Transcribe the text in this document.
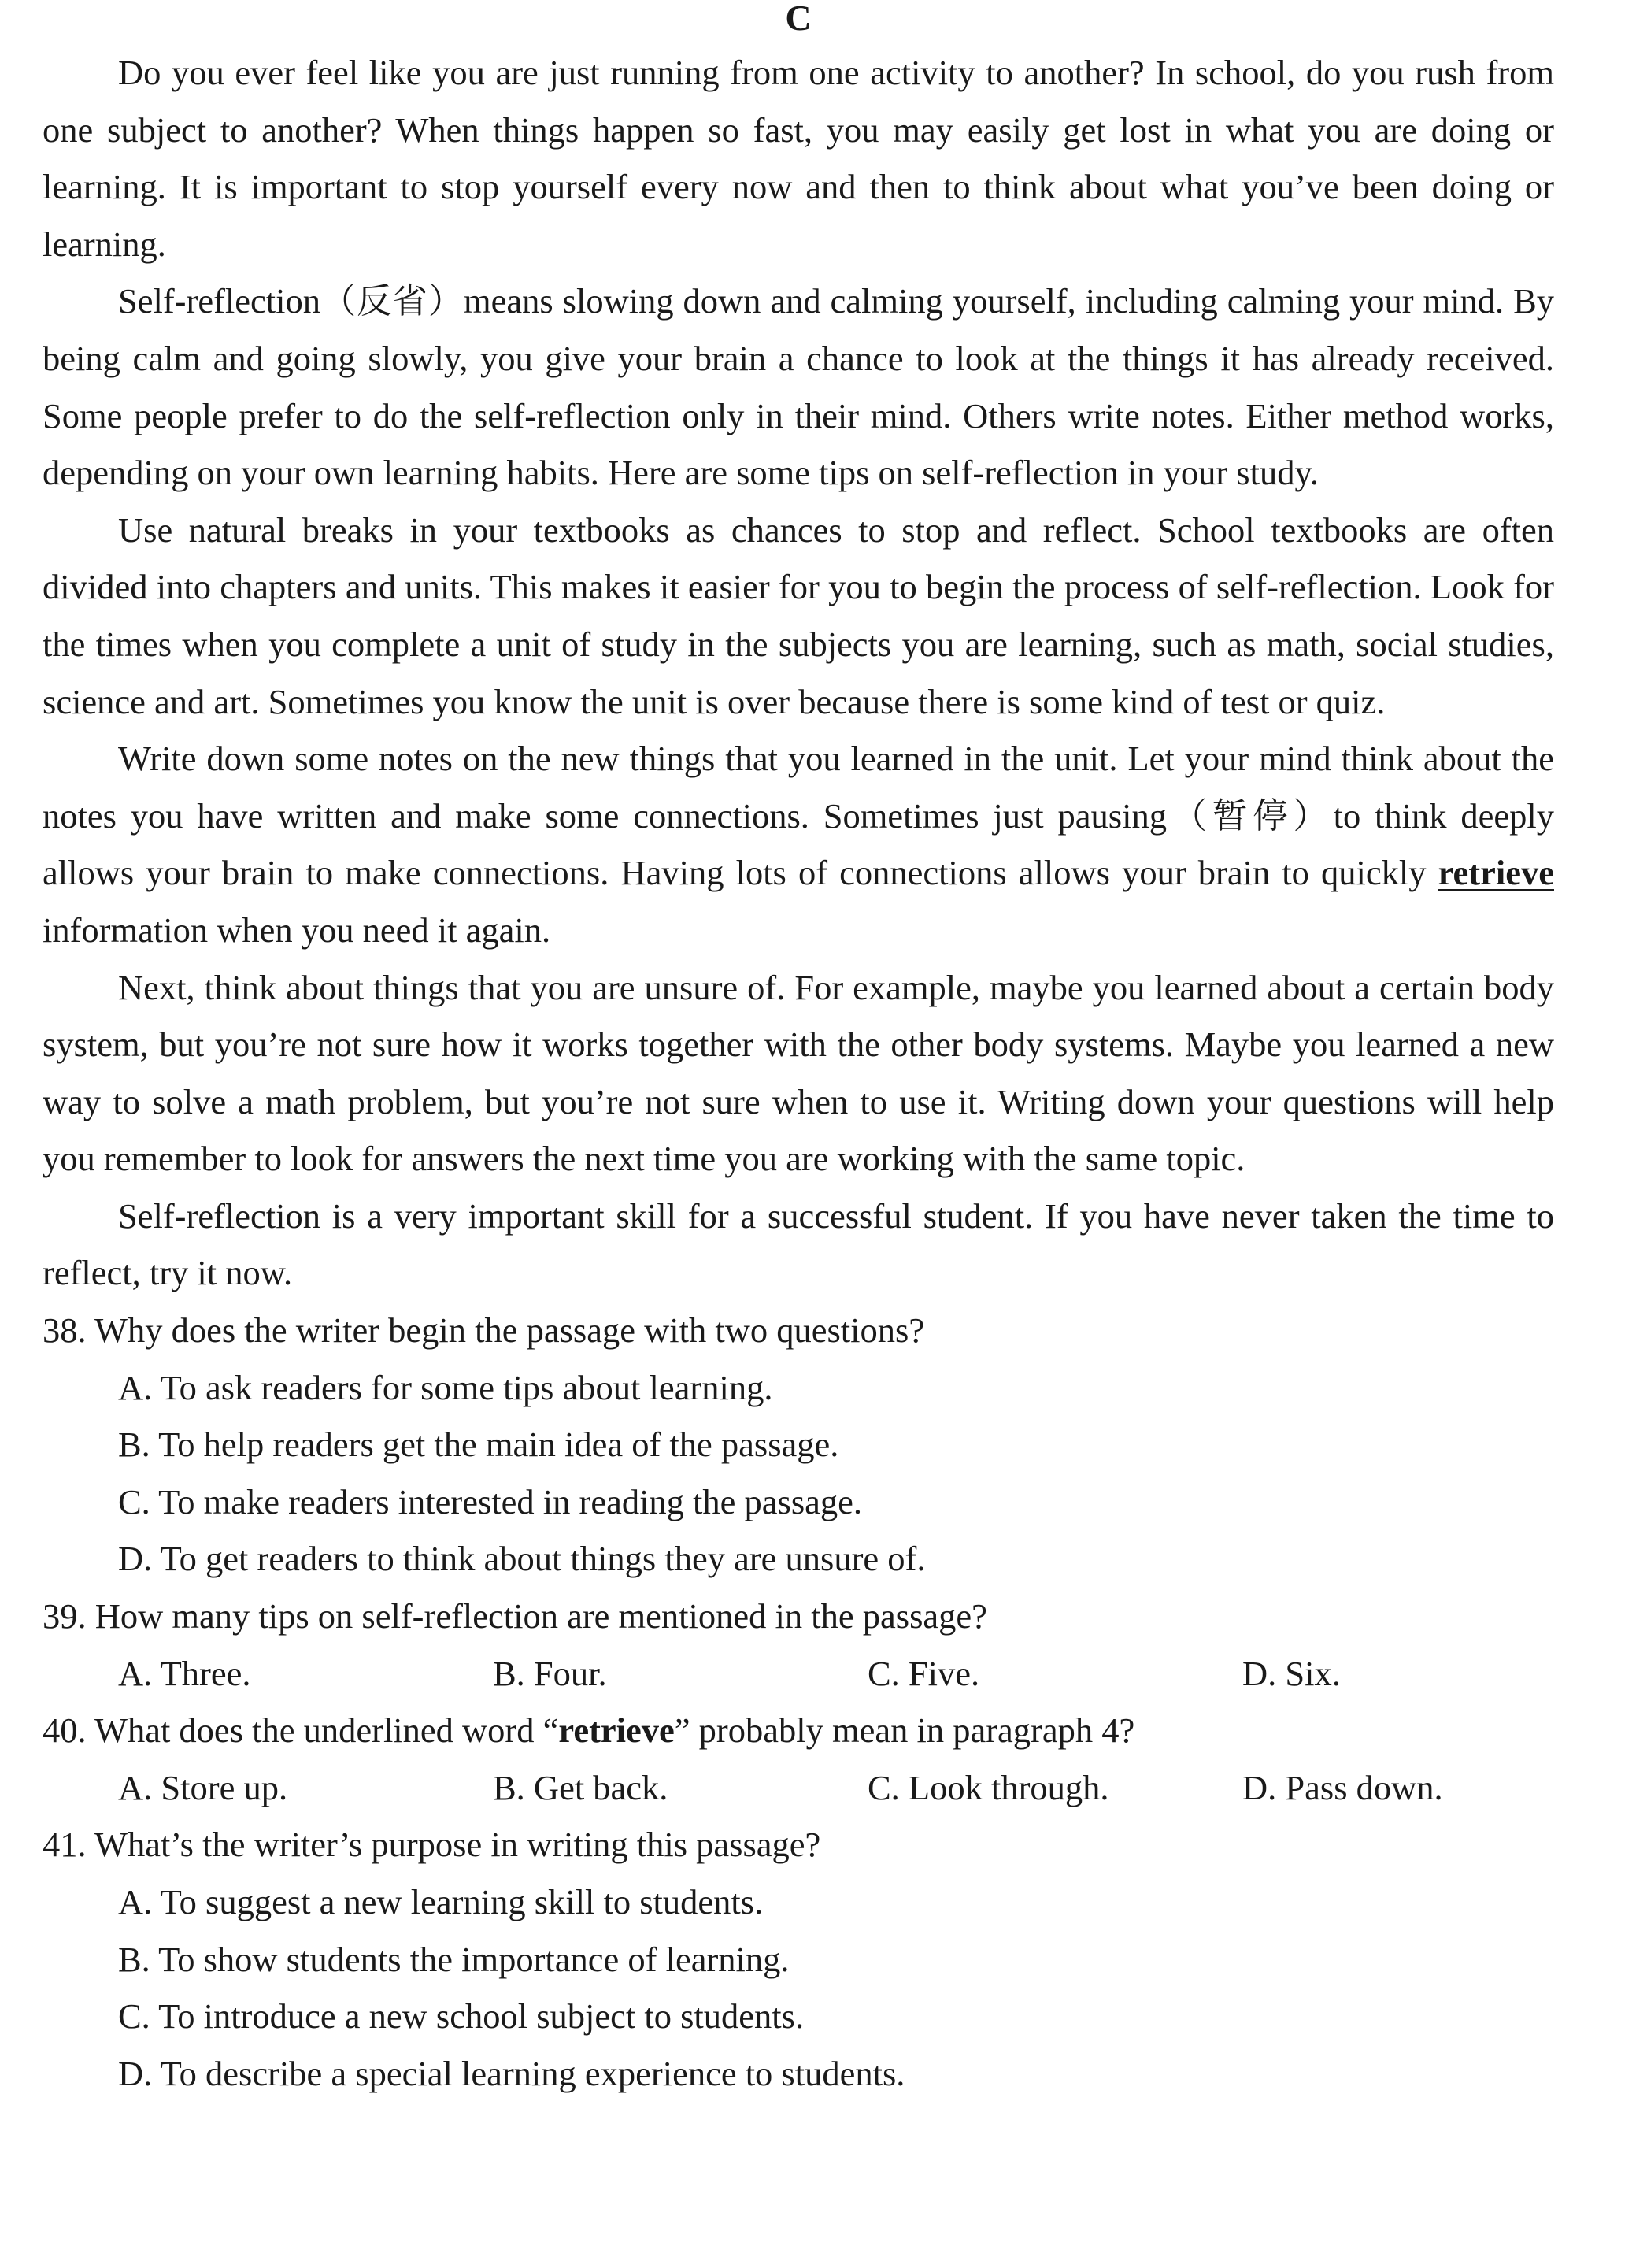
C

Do you ever feel like you are just running from one activity to another? In school, do you rush from one subject to another? When things happen so fast, you may easily get lost in what you are doing or learning. It is important to stop yourself every now and then to think about what you’ve been doing or learning.

Self-reflection（反省）means slowing down and calming yourself, including calming your mind. By being calm and going slowly, you give your brain a chance to look at the things it has already received. Some people prefer to do the self-reflection only in their mind. Others write notes. Either method works, depending on your own learning habits. Here are some tips on self-reflection in your study.

Use natural breaks in your textbooks as chances to stop and reflect. School textbooks are often divided into chapters and units. This makes it easier for you to begin the process of self-reflection. Look for the times when you complete a unit of study in the subjects you are learning, such as math, social studies, science and art. Sometimes you know the unit is over because there is some kind of test or quiz.

Write down some notes on the new things that you learned in the unit. Let your mind think about the notes you have written and make some connections. Sometimes just pausing（暂停）to think deeply allows your brain to make connections. Having lots of connections allows your brain to quickly retrieve information when you need it again.

Next, think about things that you are unsure of. For example, maybe you learned about a certain body system, but you’re not sure how it works together with the other body systems. Maybe you learned a new way to solve a math problem, but you’re not sure when to use it. Writing down your questions will help you remember to look for answers the next time you are working with the same topic.

Self-reflection is a very important skill for a successful student. If you have never taken the time to reflect, try it now.

38. Why does the writer begin the passage with two questions?

A. To ask readers for some tips about learning.

B. To help readers get the main idea of the passage.

C. To make readers interested in reading the passage.

D. To get readers to think about things they are unsure of.

39. How many tips on self-reflection are mentioned in the passage?

A. Three.	B. Four.	C. Five.	D. Six.

40. What does the underlined word “retrieve” probably mean in paragraph 4?

A. Store up.	B. Get back.	C. Look through.	D. Pass down.

41. What’s the writer’s purpose in writing this passage?

A. To suggest a new learning skill to students.

B. To show students the importance of learning.

C. To introduce a new school subject to students.

D. To describe a special learning experience to students.
